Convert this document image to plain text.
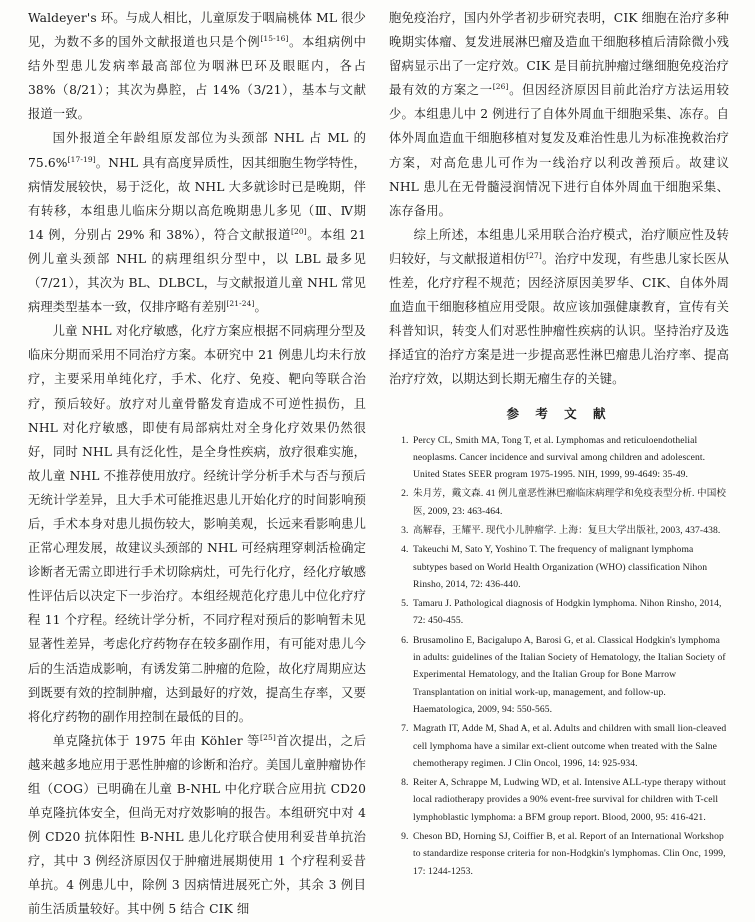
Waldeyer's 环。与成人相比，儿童原发于咽扁桃体 ML 很少见，为数不多的国外文献报道也只是个例[15-16]。本组病例中结外型患儿发病率最高部位为咽淋巴环及眼眶内，各占 38%（8/21）；其次为鼻腔，占 14%（3/21），基本与文献报道一致。

国外报道全年龄组原发部位为头颈部 NHL 占 ML 的 75.6%[17-19]。NHL 具有高度异质性，因其细胞生物学特性，病情发展较快，易于泛化，故 NHL 大多就诊时已是晚期，伴有转移，本组患儿临床分期以高危晚期患儿多见（Ⅲ、Ⅳ期 14 例，分别占 29% 和 38%），符合文献报道[20]。本组 21 例儿童头颈部 NHL 的病理组织分型中，以 LBL 最多见（7/21），其次为 BL、DLBCL，与文献报道儿童 NHL 常见病理类型基本一致，仅排序略有差别[21-24]。

儿童 NHL 对化疗敏感，化疗方案应根据不同病理分型及临床分期而采用不同治疗方案。本研究中 21 例患儿均未行放疗，主要采用单纯化疗，手术、化疗、免疫、靶向等联合治疗，预后较好。放疗对儿童骨骼发育造成不可逆性损伤，且 NHL 对化疗敏感，即使有局部病灶对全身化疗效果仍然很好，同时 NHL 具有泛化性，是全身性疾病，放疗很难实施，故儿童 NHL 不推荐使用放疗。经统计学分析手术与否与预后无统计学差异，且大手术可能推迟患儿开始化疗的时间影响预后，手术本身对患儿损伤较大，影响美观，长远来看影响患儿正常心理发展，故建议头颈部的 NHL 可经病理穿刺活检确定诊断者无需立即进行手术切除病灶，可先行化疗，经化疗敏感性评估后以决定下一步治疗。本组经规范化疗患儿中位化疗疗程 11 个疗程。经统计学分析，不同疗程对预后的影响暂未见显著性差异，考虑化疗药物存在较多副作用，有可能对患儿今后的生活造成影响，有诱发第二肿瘤的危险，故化疗周期应达到既要有效的控制肿瘤，达到最好的疗效，提高生存率，又要将化疗药物的副作用控制在最低的目的。

单克隆抗体于 1975 年由 Köhler 等[25]首次提出，之后越来越多地应用于恶性肿瘤的诊断和治疗。美国儿童肿瘤协作组（COG）已明确在儿童 B-NHL 中化疗联合应用抗 CD20 单克隆抗体安全，但尚无对疗效影响的报告。本组研究中对 4 例 CD20 抗体阳性 B-NHL 患儿化疗联合使用利妥昔单抗治疗，其中 3 例经济原因仅于肿瘤进展期使用 1 个疗程利妥昔单抗。4 例患儿中，除例 3 因病情进展死亡外，其余 3 例目前生活质量较好。其中例 5 结合 CIK 细

胞免疫治疗，国内外学者初步研究表明，CIK 细胞在治疗多种晚期实体瘤、复发进展淋巴瘤及造血干细胞移植后清除微小残留病显示出了一定疗效。CIK 是目前抗肿瘤过继细胞免疫治疗最有效的方案之一[26]。但因经济原因目前此治疗方法运用较少。本组患儿中 2 例进行了自体外周血干细胞采集、冻存。自体外周血造血干细胞移植对复发及难治性患儿为标准挽救治疗方案，对高危患儿可作为一线治疗以利改善预后。故建议 NHL 患儿在无骨髓浸润情况下进行自体外周血干细胞采集、冻存备用。

综上所述，本组患儿采用联合治疗模式，治疗顺应性及转归较好，与文献报道相仿[27]。治疗中发现，有些患儿家长医从性差，化疗疗程不规范；因经济原因美罗华、CIK、自体外周血造血干细胞移植应用受限。故应该加强健康教育，宣传有关科普知识，转变人们对恶性肿瘤性疾病的认识。坚持治疗及选择适宜的治疗方案是进一步提高恶性淋巴瘤患儿治疗率、提高治疗疗效，以期达到长期无瘤生存的关键。

参 考 文 献
1. Percy CL, Smith MA, Tong T, et al. Lymphomas and reticuloendothelial neoplasms. Cancer incidence and survival among children and adolescent. United States SEER program 1975-1995. NIH, 1999, 99-4649: 35-49.
2. 朱月芳，戴文森. 41 例儿童恶性淋巴瘤临床病理学和免疫表型分析. 中国校医, 2009, 23: 463-464.
3. 高解春，王耀平. 现代小儿肿瘤学. 上海：复旦大学出版社, 2003, 437-438.
4. Takeuchi M, Sato Y, Yoshino T. The frequency of malignant lymphoma subtypes based on World Health Organization (WHO) classification Nihon Rinsho, 2014, 72: 436-440.
5. Tamaru J. Pathological diagnosis of Hodgkin lymphoma. Nihon Rinsho, 2014, 72: 450-455.
6. Brusamolino E, Bacigalupo A, Barosi G, et al. Classical Hodgkin's lymphoma in adults: guidelines of the Italian Society of Hematology, the Italian Society of Experimental Hematology, and the Italian Group for Bone Marrow Transplantation on initial work-up, management, and follow-up. Haematologica, 2009, 94: 550-565.
7. Magrath IT, Adde M, Shad A, et al. Adults and children with small lion-cleaved cell lymphoma have a similar ext-client outcome when treated with the Salne chemotherapy regimen. J Clin Oncol, 1996, 14: 925-934.
8. Reiter A, Schrappe M, Ludwing WD, et al. Intensive ALL-type therapy without local radiotherapy provides a 90% event-free survival for children with T-cell lymphoblastic lymphoma: a BFM group report. Blood, 2000, 95: 416-421.
9. Cheson BD, Horning SJ, Coiffier B, et al. Report of an International Workshop to standardize response criteria for non-Hodgkin's lymphomas. Clin Onc, 1999, 17: 1244-1253.
